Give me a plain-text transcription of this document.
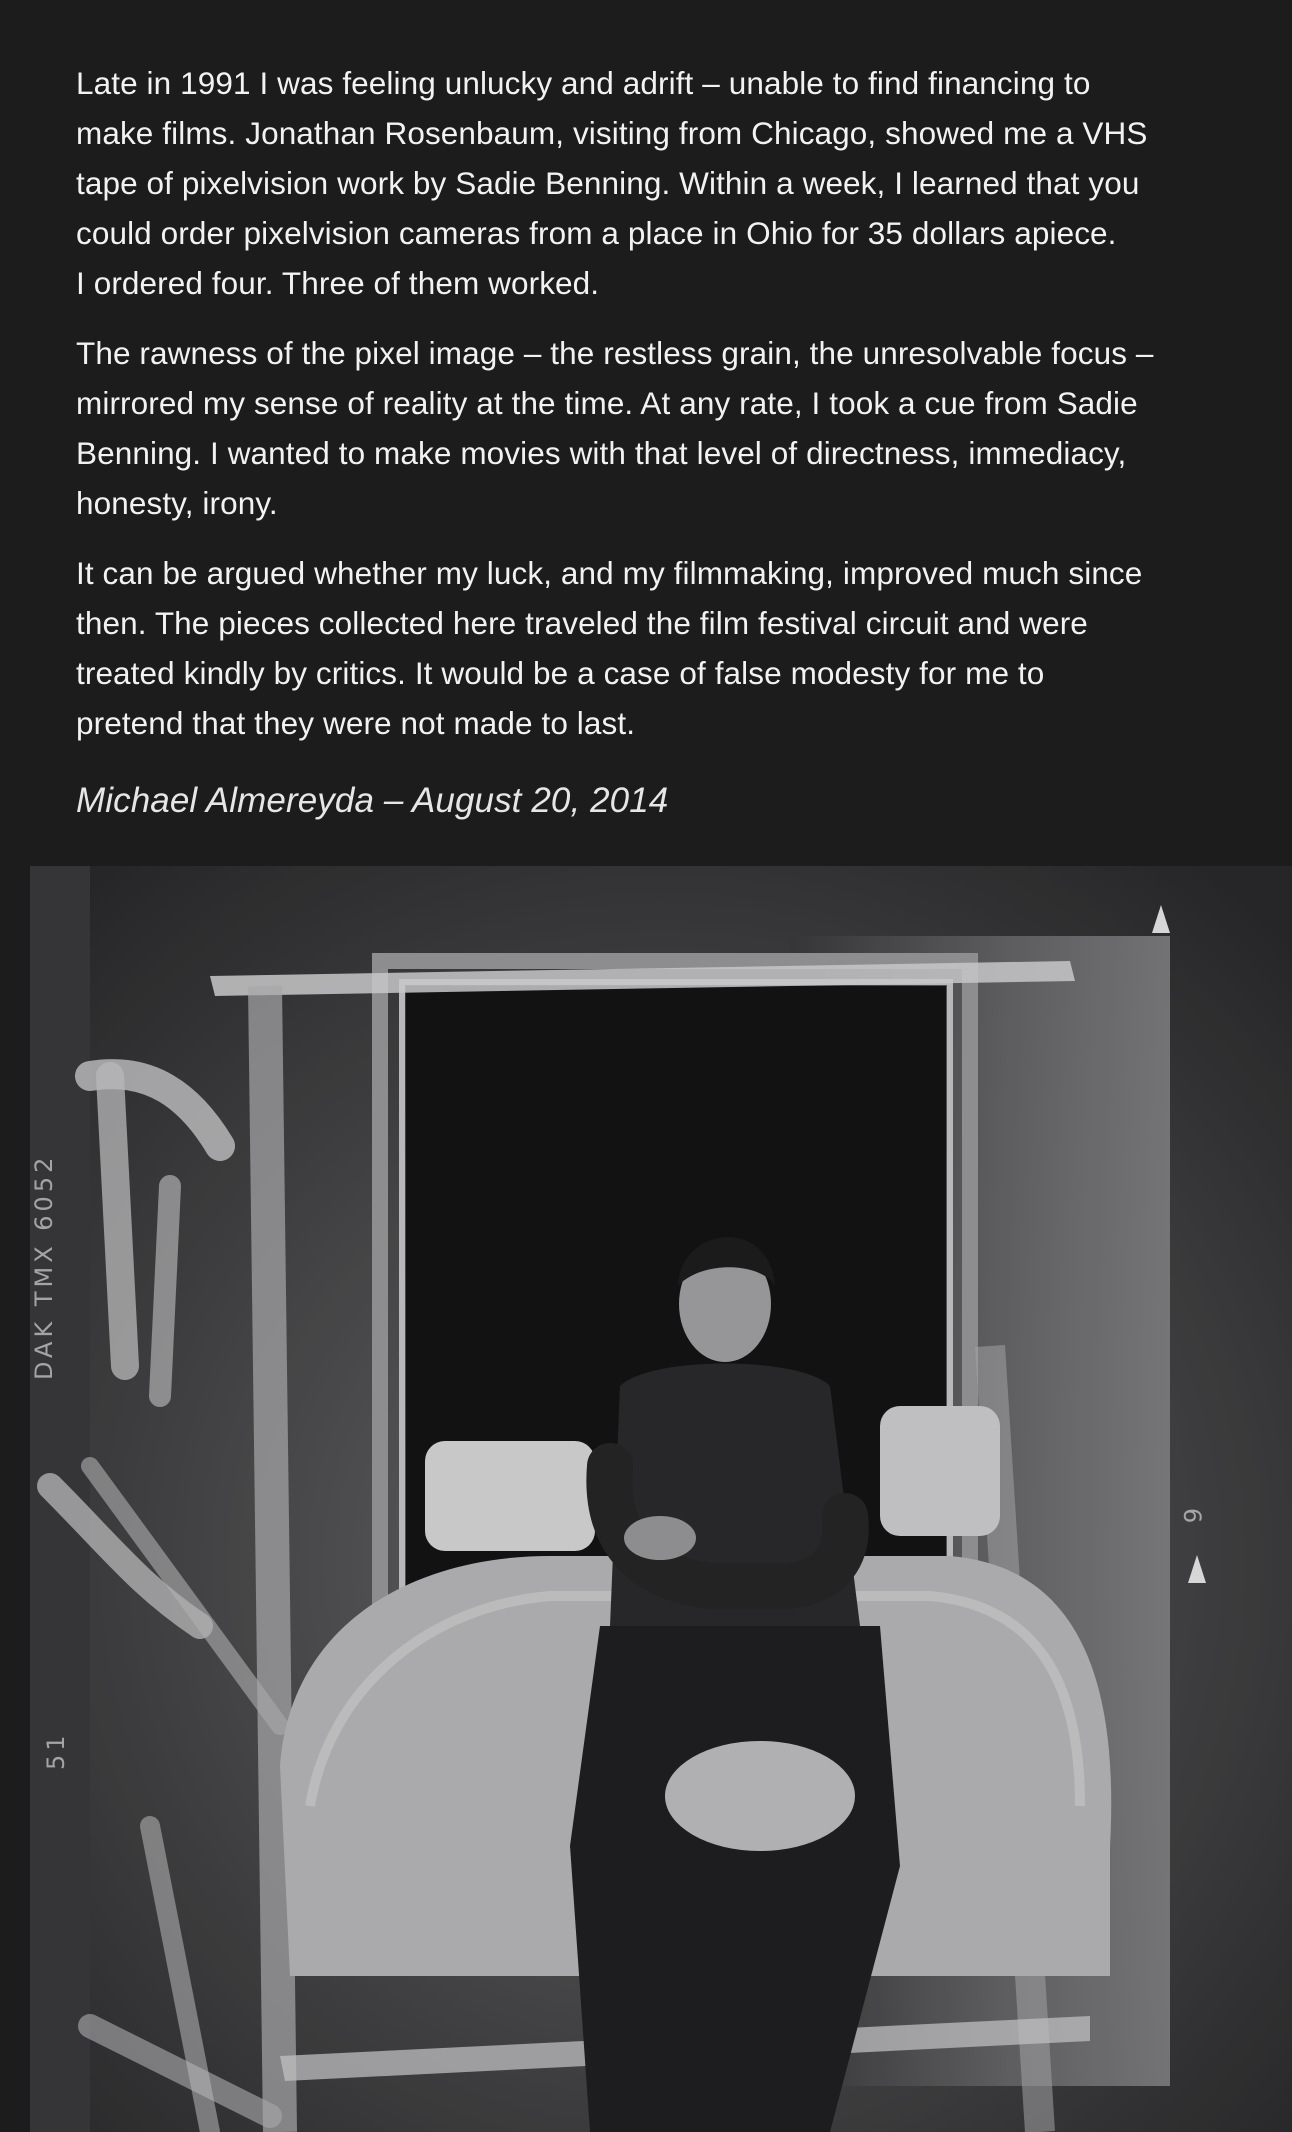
Late in 1991 I was feeling unlucky and adrift – unable to find financing to
make films. Jonathan Rosenbaum, visiting from Chicago, showed me a VHS
tape of pixelvision work by Sadie Benning. Within a week, I learned that you
could order pixelvision cameras from a place in Ohio for 35 dollars apiece.
I ordered four. Three of them worked.

The rawness of the pixel image – the restless grain, the unresolvable focus –
mirrored my sense of reality at the time. At any rate, I took a cue from Sadie
Benning. I wanted to make movies with that level of directness, immediacy,
honesty, irony.

It can be argued whether my luck, and my filmmaking, improved much since
then. The pieces collected here traveled the film festival circuit and were
treated kindly by critics. It would be a case of false modesty for me to
pretend that they were not made to last.

Michael Almereyda – August 20, 2014
DAK TMX 6052
51
6
